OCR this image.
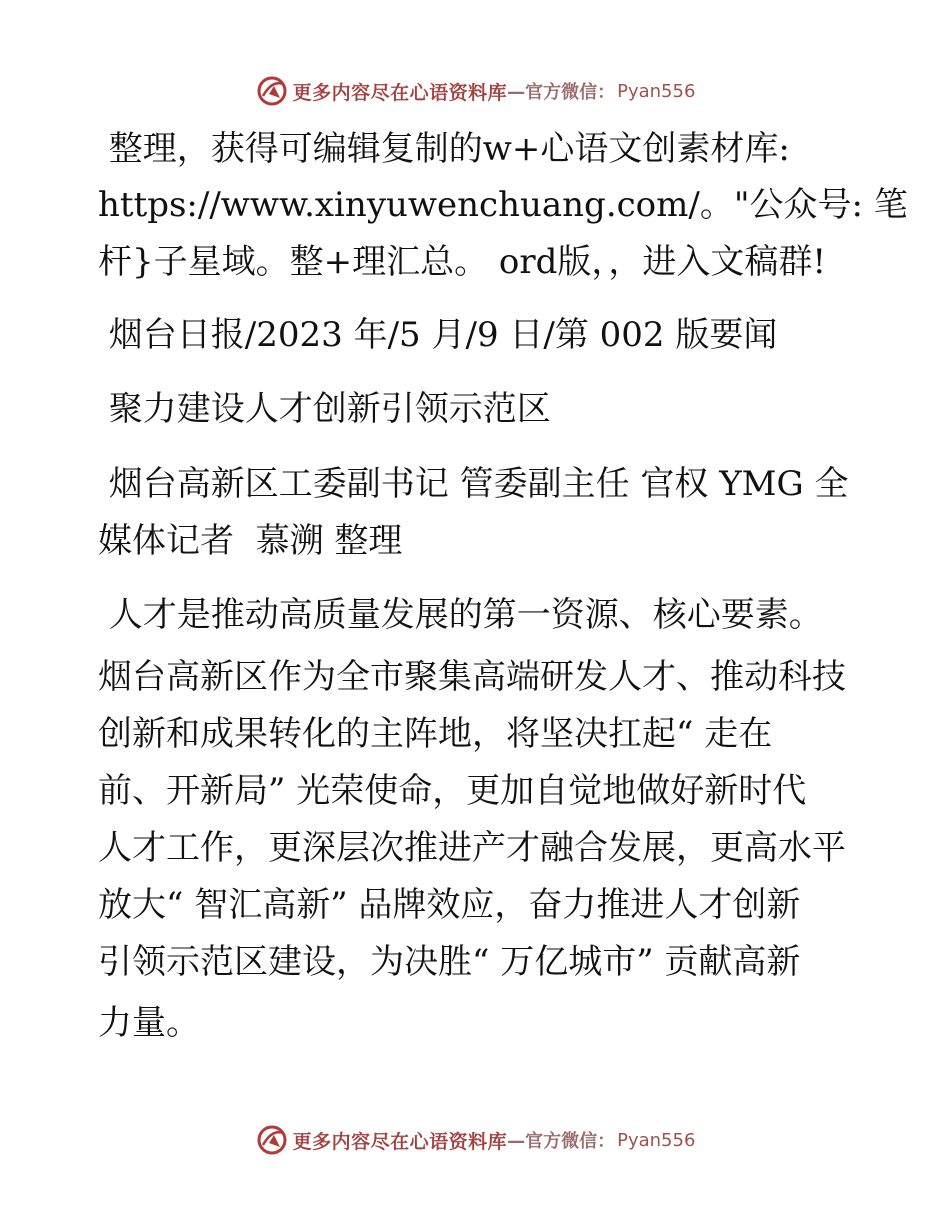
更多内容尽在心语资料库 —官方微信： Pyan556
整理，获得可编辑复制的w+心语文创素材库:
https://www.xinyuwenchuang.com/。"公众号: 笔
杆}子星域。整+理汇总。 ord版，，进入文稿群!
烟台日报/2023 年/5 月/9 日/第 002 版要闻
聚力建设人才创新引领示范区
烟台高新区工委副书记 管委副主任 官权 YMG 全
媒体记者  慕溯 整理
人才是推动高质量发展的第一资源、核心要素。
烟台高新区作为全市聚集高端研发人才、推动科技
创新和成果转化的主阵地，将坚决扛起“ 走在
前、开新局” 光荣使命，更加自觉地做好新时代
人才工作，更深层次推进产才融合发展，更高水平
放大“ 智汇高新” 品牌效应，奋力推进人才创新
引领示范区建设，为决胜“ 万亿城市” 贡献高新
力量。
更多内容尽在心语资料库 —官方微信： Pyan556
